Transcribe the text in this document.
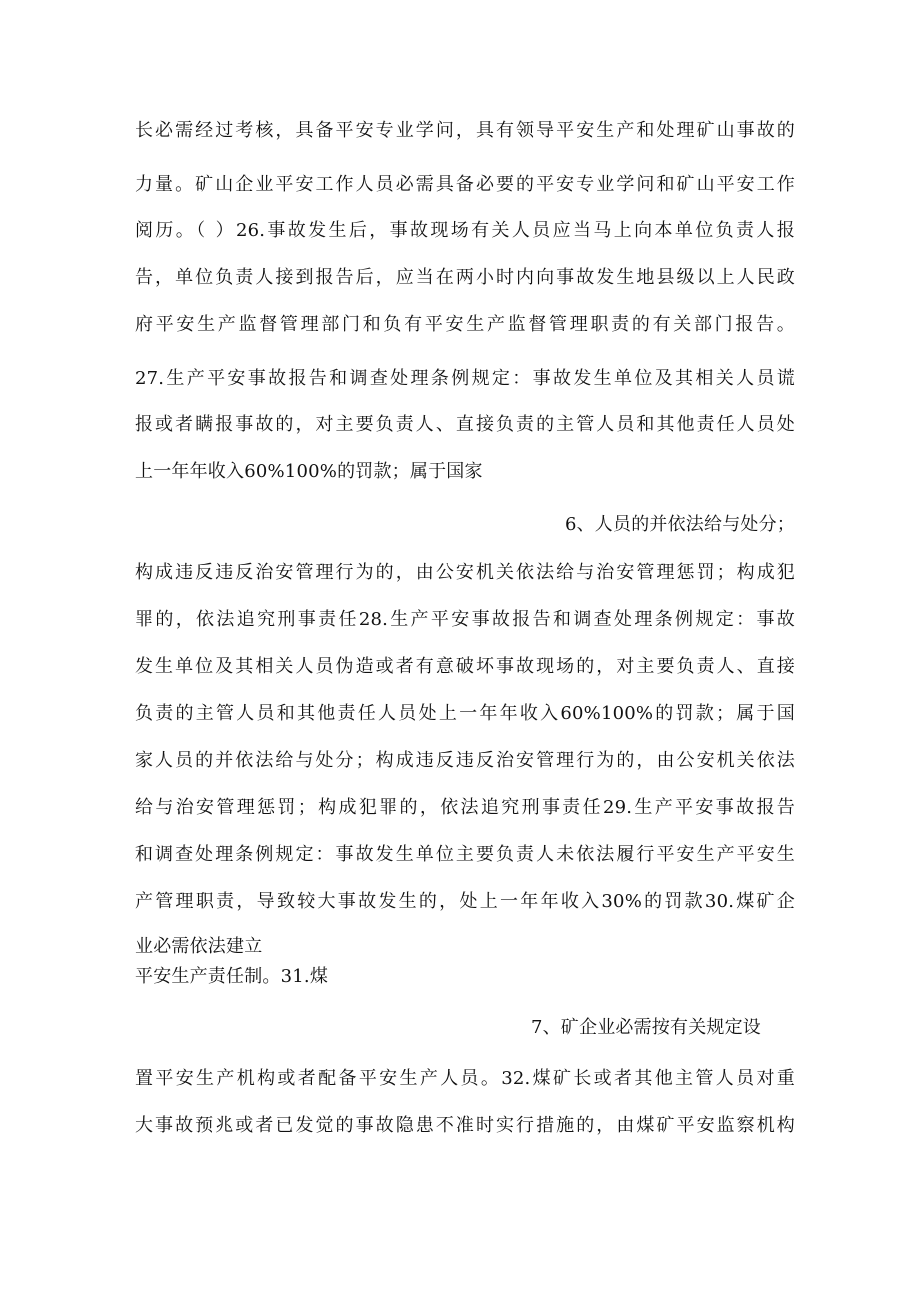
长必需经过考核，具备平安专业学问，具有领导平安生产和处理矿山事故的
力量。矿山企业平安工作人员必需具备必要的平安专业学问和矿山平安工作
阅历。（ ）26.事故发生后，事故现场有关人员应当马上向本单位负责人报
告，单位负责人接到报告后，应当在两小时内向事故发生地县级以上人民政
府平安生产监督管理部门和负有平安生产监督管理职责的有关部门报告。
27.生产平安事故报告和调查处理条例规定：事故发生单位及其相关人员谎
报或者瞒报事故的，对主要负责人、直接负责的主管人员和其他责任人员处
上一年年收入60%100%的罚款；属于国家
6、人员的并依法给与处分；
构成违反违反治安管理行为的，由公安机关依法给与治安管理惩罚；构成犯
罪的，依法追究刑事责任28.生产平安事故报告和调查处理条例规定：事故
发生单位及其相关人员伪造或者有意破坏事故现场的，对主要负责人、直接
负责的主管人员和其他责任人员处上一年年收入60%100%的罚款；属于国
家人员的并依法给与处分；构成违反违反治安管理行为的，由公安机关依法
给与治安管理惩罚；构成犯罪的，依法追究刑事责任29.生产平安事故报告
和调查处理条例规定：事故发生单位主要负责人未依法履行平安生产平安生
产管理职责，导致较大事故发生的，处上一年年收入30%的罚款30.煤矿企
业必需依法建立
平安生产责任制。31.煤
7、矿企业必需按有关规定设
置平安生产机构或者配备平安生产人员。32.煤矿长或者其他主管人员对重
大事故预兆或者已发觉的事故隐患不准时实行措施的，由煤矿平安监察机构
